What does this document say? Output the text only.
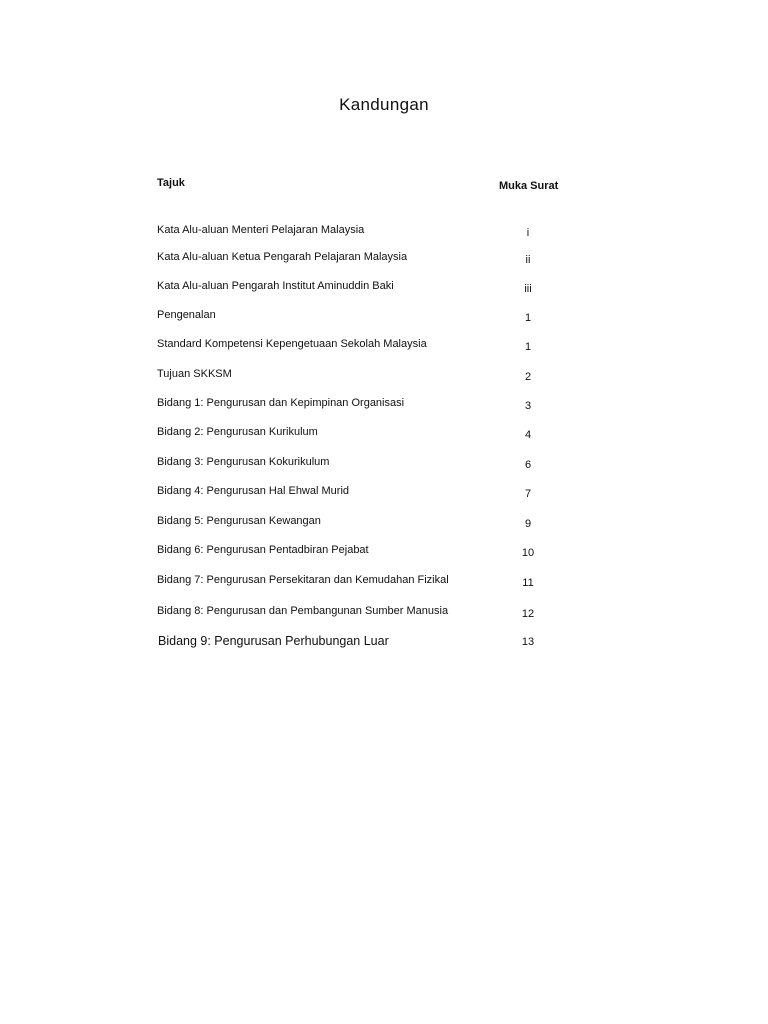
Kandungan
Tajuk	Muka Surat
Kata Alu-aluan Menteri Pelajaran Malaysia	i
Kata Alu-aluan Ketua Pengarah Pelajaran Malaysia	ii
Kata Alu-aluan Pengarah Institut Aminuddin Baki	iii
Pengenalan	1
Standard Kompetensi Kepengetuaan Sekolah Malaysia	1
Tujuan SKKSM	2
Bidang 1: Pengurusan dan Kepimpinan Organisasi	3
Bidang 2: Pengurusan Kurikulum	4
Bidang 3: Pengurusan Kokurikulum	6
Bidang 4: Pengurusan Hal Ehwal Murid	7
Bidang 5: Pengurusan Kewangan	9
Bidang 6: Pengurusan Pentadbiran Pejabat	10
Bidang 7: Pengurusan Persekitaran dan Kemudahan Fizikal	11
Bidang 8: Pengurusan dan Pembangunan Sumber Manusia	12
Bidang 9: Pengurusan Perhubungan Luar	13
